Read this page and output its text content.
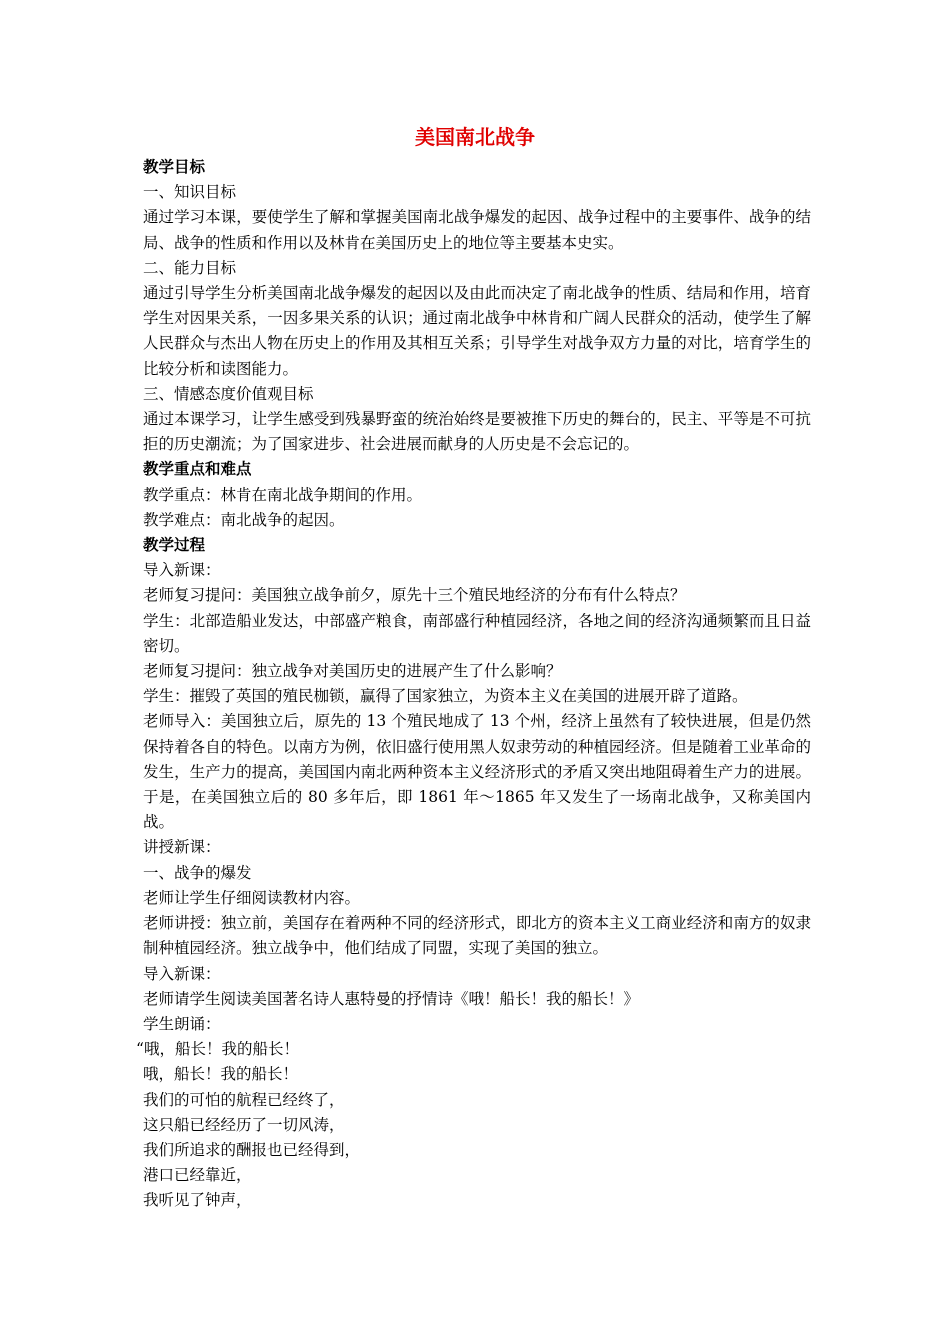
美国南北战争

教学目标

一、知识目标

通过学习本课，要使学生了解和掌握美国南北战争爆发的起因、战争过程中的主要事件、战争的结局、战争的性质和作用以及林肯在美国历史上的地位等主要基本史实。

二、能力目标

通过引导学生分析美国南北战争爆发的起因以及由此而决定了南北战争的性质、结局和作用，培育学生对因果关系，一因多果关系的认识；通过南北战争中林肯和广阔人民群众的活动，使学生了解人民群众与杰出人物在历史上的作用及其相互关系；引导学生对战争双方力量的对比，培育学生的比较分析和读图能力。

三、情感态度价值观目标

通过本课学习，让学生感受到残暴野蛮的统治始终是要被推下历史的舞台的，民主、平等是不可抗拒的历史潮流；为了国家进步、社会进展而献身的人历史是不会忘记的。

教学重点和难点

教学重点：林肯在南北战争期间的作用。

教学难点：南北战争的起因。

教学过程

导入新课：

老师复习提问：美国独立战争前夕，原先十三个殖民地经济的分布有什么特点？

学生：北部造船业发达，中部盛产粮食，南部盛行种植园经济，各地之间的经济沟通频繁而且日益密切。

老师复习提问：独立战争对美国历史的进展产生了什么影响？

学生：摧毁了英国的殖民枷锁，赢得了国家独立，为资本主义在美国的进展开辟了道路。

老师导入：美国独立后，原先的 13 个殖民地成了 13 个州，经济上虽然有了较快进展，但是仍然保持着各自的特色。以南方为例，依旧盛行使用黑人奴隶劳动的种植园经济。但是随着工业革命的发生，生产力的提高，美国国内南北两种资本主义经济形式的矛盾又突出地阻碍着生产力的进展。于是，在美国独立后的 80 多年后，即 1861 年～1865 年又发生了一场南北战争，又称美国内战。

讲授新课：

一、战争的爆发

老师让学生仔细阅读教材内容。

老师讲授：独立前，美国存在着两种不同的经济形式，即北方的资本主义工商业经济和南方的奴隶制种植园经济。独立战争中，他们结成了同盟，实现了美国的独立。

导入新课：

老师请学生阅读美国著名诗人惠特曼的抒情诗《哦！船长！我的船长！》

学生朗诵：

“哦，船长！我的船长！

哦，船长！我的船长！

我们的可怕的航程已经终了，

这只船已经经历了一切风涛，

我们所追求的酬报也已经得到，

港口已经靠近，

我听见了钟声，
